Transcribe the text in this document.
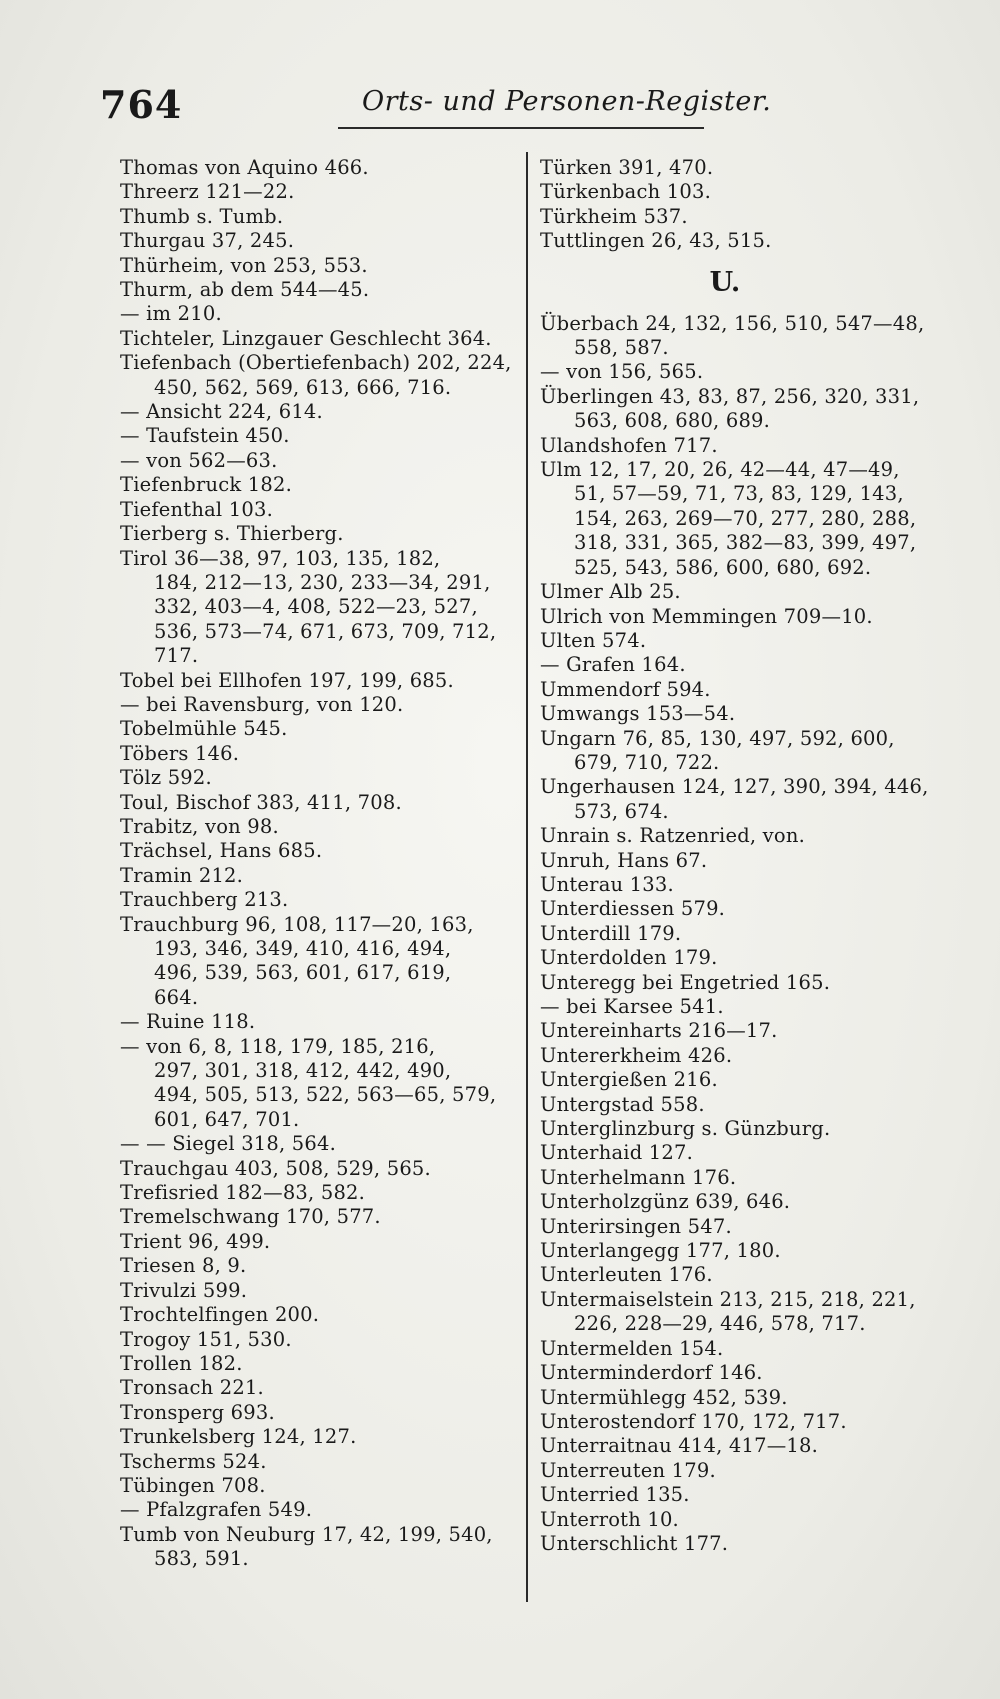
764	Orts- und Personen-Register.
Thomas von Aquino 466.
Threerz 121—22.
Thumb s. Tumb.
Thurgau 37, 245.
Thürheim, von 253, 553.
Thurm, ab dem 544—45.
— im 210.
Tichteler, Linzgauer Geschlecht 364.
Tiefenbach (Obertiefenbach) 202, 224,
450, 562, 569, 613, 666, 716.
— Ansicht 224, 614.
— Taufstein 450.
— von 562—63.
Tiefenbruck 182.
Tiefenthal 103.
Tierberg s. Thierberg.
Tirol 36—38, 97, 103, 135, 182,
184, 212—13, 230, 233—34, 291,
332, 403—4, 408, 522—23, 527,
536, 573—74, 671, 673, 709, 712,
717.
Tobel bei Ellhofen 197, 199, 685.
— bei Ravensburg, von 120.
Tobelmühle 545.
Töbers 146.
Tölz 592.
Toul, Bischof 383, 411, 708.
Trabitz, von 98.
Trächsel, Hans 685.
Tramin 212.
Trauchberg 213.
Trauchburg 96, 108, 117—20, 163,
193, 346, 349, 410, 416, 494,
496, 539, 563, 601, 617, 619,
664.
— Ruine 118.
— von 6, 8, 118, 179, 185, 216,
297, 301, 318, 412, 442, 490,
494, 505, 513, 522, 563—65, 579,
601, 647, 701.
— — Siegel 318, 564.
Trauchgau 403, 508, 529, 565.
Trefisried 182—83, 582.
Tremelschwang 170, 577.
Trient 96, 499.
Triesen 8, 9.
Trivulzi 599.
Trochtelfingen 200.
Trogoy 151, 530.
Trollen 182.
Tronsach 221.
Tronsperg 693.
Trunkelsberg 124, 127.
Tscherms 524.
Tübingen 708.
— Pfalzgrafen 549.
Tumb von Neuburg 17, 42, 199, 540,
583, 591.
Türken 391, 470.
Türkenbach 103.
Türkheim 537.
Tuttlingen 26, 43, 515.
U.
Überbach 24, 132, 156, 510, 547—48,
558, 587.
— von 156, 565.
Überlingen 43, 83, 87, 256, 320, 331,
563, 608, 680, 689.
Ulandshofen 717.
Ulm 12, 17, 20, 26, 42—44, 47—49,
51, 57—59, 71, 73, 83, 129, 143,
154, 263, 269—70, 277, 280, 288,
318, 331, 365, 382—83, 399, 497,
525, 543, 586, 600, 680, 692.
Ulmer Alb 25.
Ulrich von Memmingen 709—10.
Ulten 574.
— Grafen 164.
Ummendorf 594.
Umwangs 153—54.
Ungarn 76, 85, 130, 497, 592, 600,
679, 710, 722.
Ungerhausen 124, 127, 390, 394, 446,
573, 674.
Unrain s. Ratzenried, von.
Unruh, Hans 67.
Unterau 133.
Unterdiessen 579.
Unterdill 179.
Unterdolden 179.
Unteregg bei Engetried 165.
— bei Karsee 541.
Untereinharts 216—17.
Untererkheim 426.
Untergießen 216.
Untergstad 558.
Unterglinzburg s. Günzburg.
Unterhaid 127.
Unterhelmann 176.
Unterholzgünz 639, 646.
Unterirsingen 547.
Unterlangegg 177, 180.
Unterleuten 176.
Untermaiselstein 213, 215, 218, 221,
226, 228—29, 446, 578, 717.
Untermelden 154.
Unterminderdorf 146.
Untermühlegg 452, 539.
Unterostendorf 170, 172, 717.
Unterraitnau 414, 417—18.
Unterreuten 179.
Unterried 135.
Unterroth 10.
Unterschlicht 177.
